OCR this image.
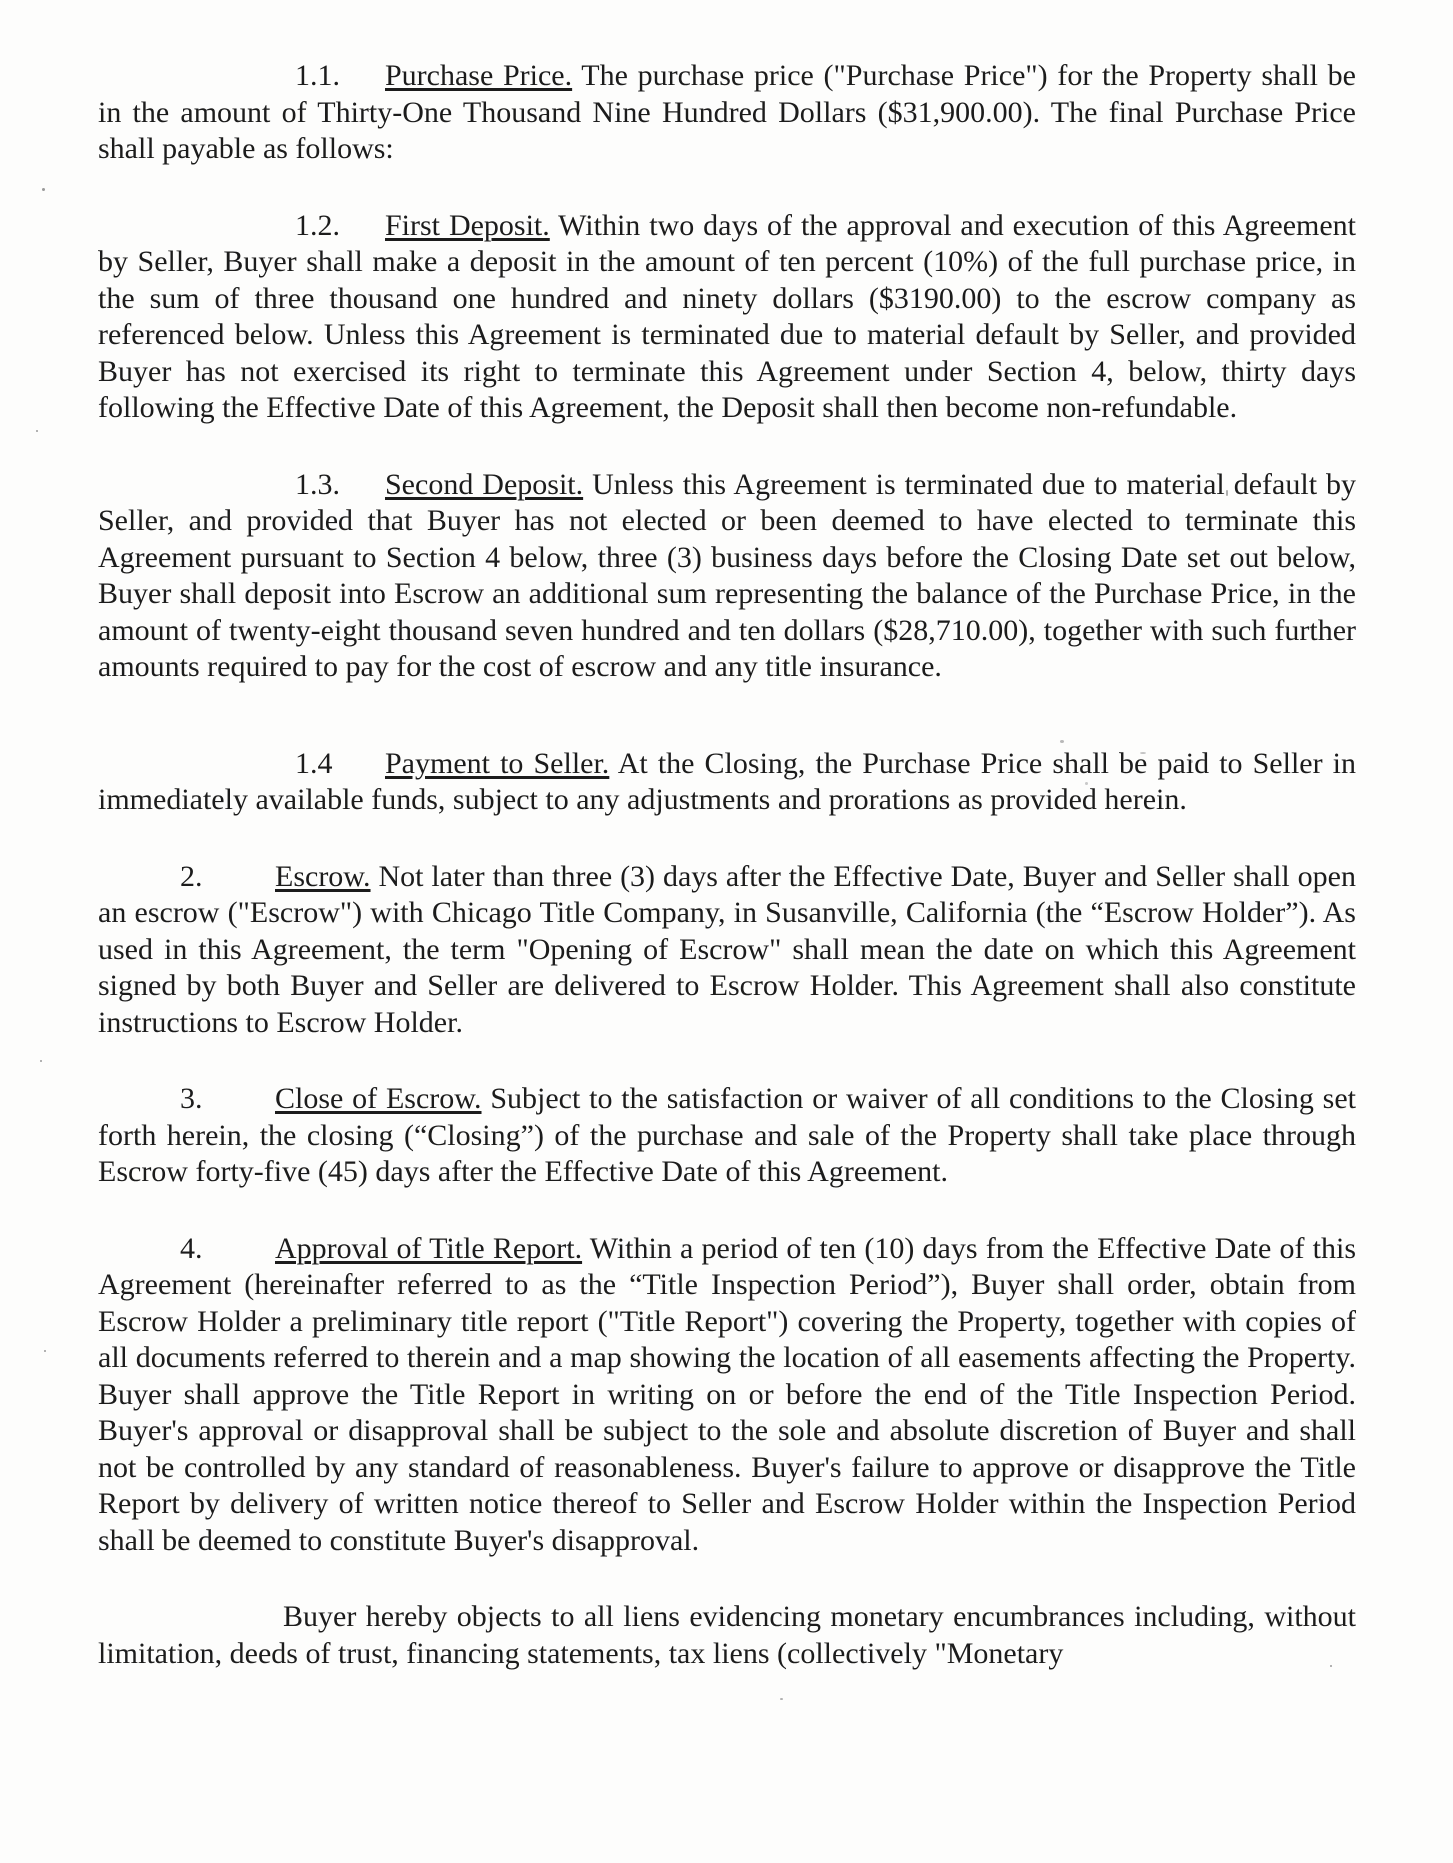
1.1. Purchase Price. The purchase price ("Purchase Price") for the Property shall be in the amount of Thirty-One Thousand Nine Hundred Dollars ($31,900.00). The final Purchase Price shall payable as follows:

1.2. First Deposit. Within two days of the approval and execution of this Agreement by Seller, Buyer shall make a deposit in the amount of ten percent (10%) of the full purchase price, in the sum of three thousand one hundred and ninety dollars ($3190.00) to the escrow company as referenced below. Unless this Agreement is terminated due to material default by Seller, and provided Buyer has not exercised its right to terminate this Agreement under Section 4, below, thirty days following the Effective Date of this Agreement, the Deposit shall then become non-refundable.

1.3. Second Deposit. Unless this Agreement is terminated due to material default by Seller, and provided that Buyer has not elected or been deemed to have elected to terminate this Agreement pursuant to Section 4 below, three (3) business days before the Closing Date set out below, Buyer shall deposit into Escrow an additional sum representing the balance of the Purchase Price, in the amount of twenty-eight thousand seven hundred and ten dollars ($28,710.00), together with such further amounts required to pay for the cost of escrow and any title insurance.

1.4 Payment to Seller. At the Closing, the Purchase Price shall be paid to Seller in immediately available funds, subject to any adjustments and prorations as provided herein.

2. Escrow. Not later than three (3) days after the Effective Date, Buyer and Seller shall open an escrow ("Escrow") with Chicago Title Company, in Susanville, California (the “Escrow Holder”). As used in this Agreement, the term "Opening of Escrow" shall mean the date on which this Agreement signed by both Buyer and Seller are delivered to Escrow Holder. This Agreement shall also constitute instructions to Escrow Holder.

3. Close of Escrow. Subject to the satisfaction or waiver of all conditions to the Closing set forth herein, the closing (“Closing”) of the purchase and sale of the Property shall take place through Escrow forty-five (45) days after the Effective Date of this Agreement.

4. Approval of Title Report. Within a period of ten (10) days from the Effective Date of this Agreement (hereinafter referred to as the “Title Inspection Period”), Buyer shall order, obtain from Escrow Holder a preliminary title report ("Title Report") covering the Property, together with copies of all documents referred to therein and a map showing the location of all easements affecting the Property. Buyer shall approve the Title Report in writing on or before the end of the Title Inspection Period. Buyer's approval or disapproval shall be subject to the sole and absolute discretion of Buyer and shall not be controlled by any standard of reasonableness. Buyer's failure to approve or disapprove the Title Report by delivery of written notice thereof to Seller and Escrow Holder within the Inspection Period shall be deemed to constitute Buyer's disapproval.

Buyer hereby objects to all liens evidencing monetary encumbrances including, without limitation, deeds of trust, financing statements, tax liens (collectively "Monetary
